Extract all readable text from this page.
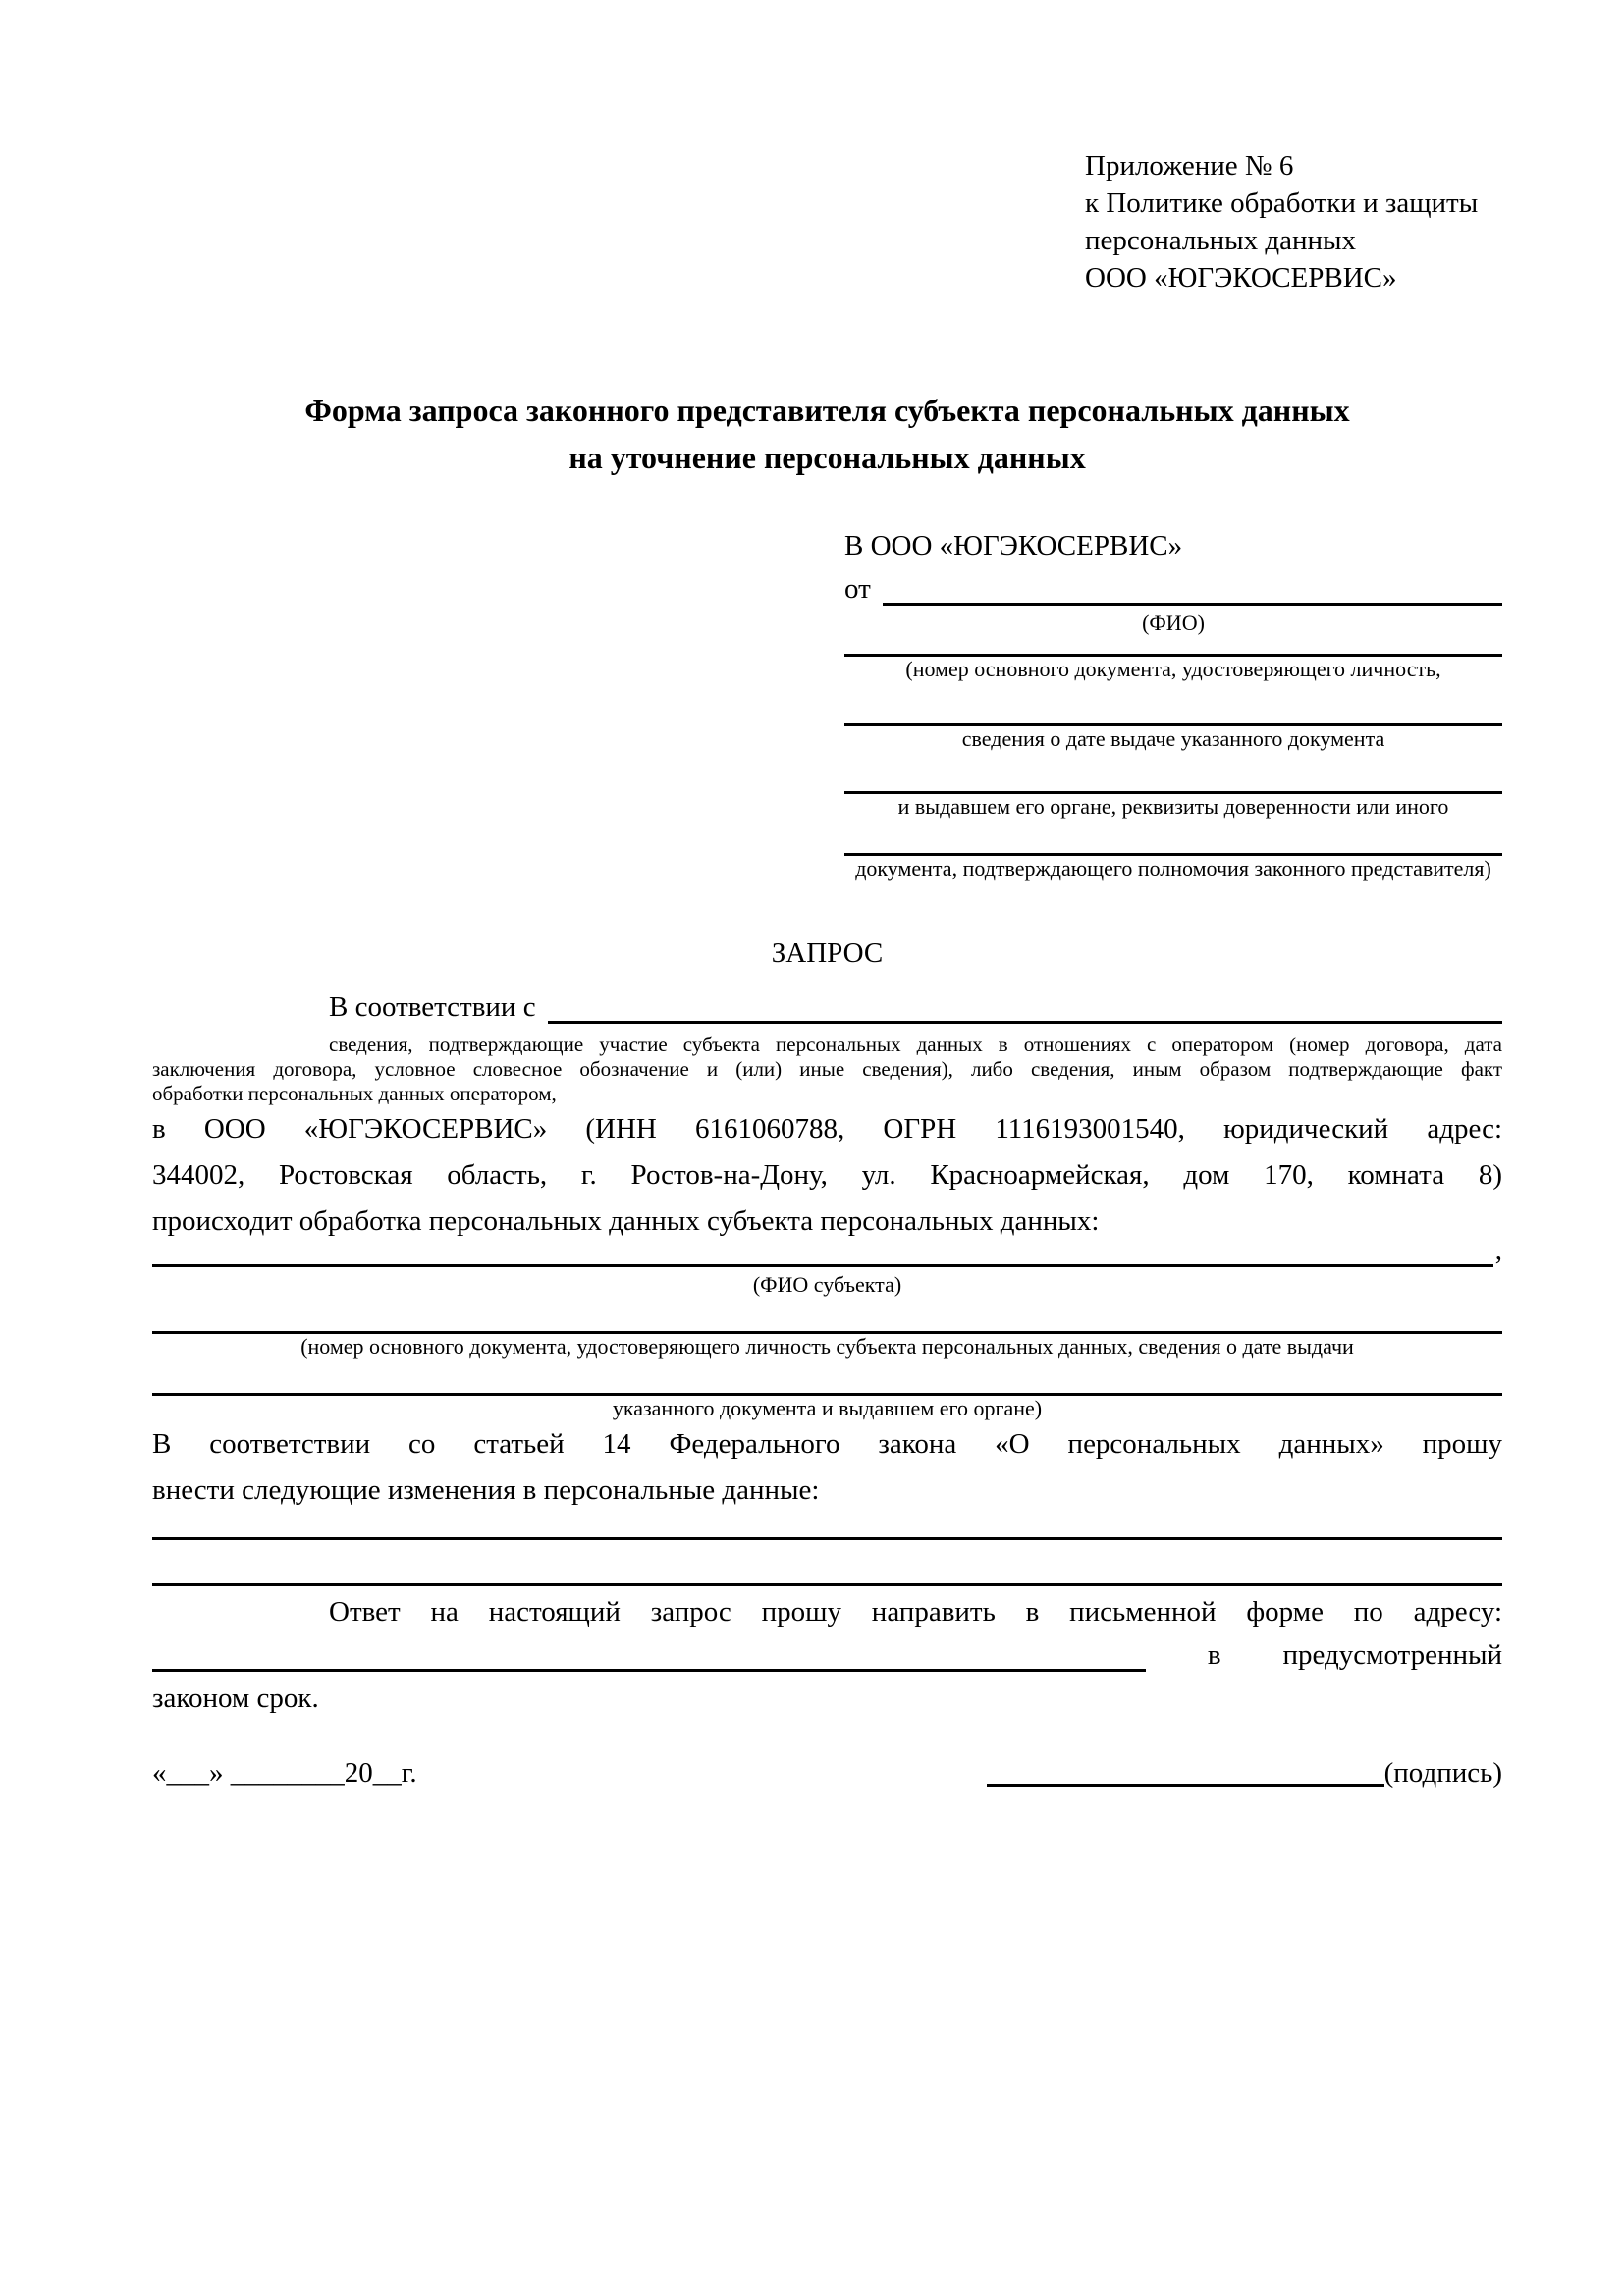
Приложение № 6
к Политике обработки и защиты
персональных данных
ООО «ЮГЭКОСЕРВИС»
Форма запроса законного представителя субъекта персональных данных
на уточнение персональных данных
В ООО «ЮГЭКОСЕРВИС»
от
(ФИО)
(номер основного документа, удостоверяющего личность,
сведения о дате выдаче указанного документа
и выдавшем его органе, реквизиты доверенности или иного
документа, подтверждающего полномочия законного представителя)
ЗАПРОС
В соответствии с
сведения, подтверждающие участие субъекта персональных данных в отношениях с оператором (номер договора, дата
заключения договора, условное словесное обозначение и (или) иные сведения), либо сведения, иным образом подтверждающие факт
обработки персональных данных оператором,
в ООО «ЮГЭКОСЕРВИС» (ИНН 6161060788, ОГРН 1116193001540, юридический адрес:
344002, Ростовская область, г. Ростов-на-Дону, ул. Красноармейская, дом 170, комната 8)
происходит обработка персональных данных субъекта персональных данных:
,
(ФИО субъекта)
(номер основного документа, удостоверяющего личность субъекта персональных данных, сведения о дате выдачи
указанного документа и выдавшем его органе)
В соответствии со статьей 14 Федерального закона «О персональных данных» прошу
внести следующие изменения в персональные данные:
Ответ на настоящий запрос прошу направить в письменной форме по адресу:
в предусмотренный
законом срок.
«___» ________20__г.	(подпись)
